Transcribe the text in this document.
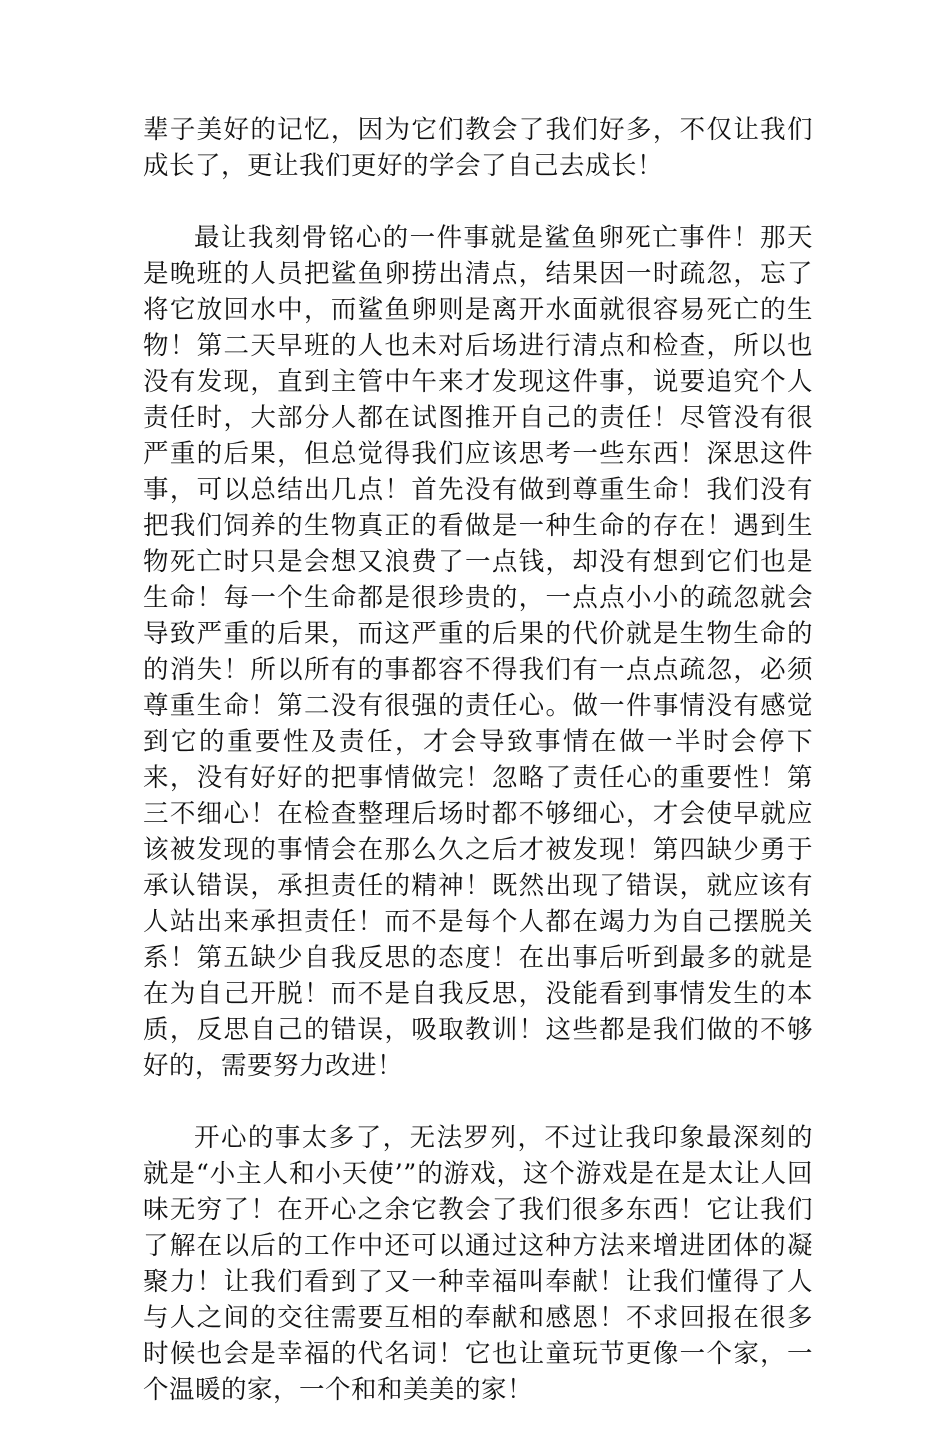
辈子美好的记忆，因为它们教会了我们好多，不仅让我们成长了，更让我们更好的学会了自己去成长！

最让我刻骨铭心的一件事就是鲨鱼卵死亡事件！那天是晚班的人员把鲨鱼卵捞出清点，结果因一时疏忽，忘了将它放回水中，而鲨鱼卵则是离开水面就很容易死亡的生物！第二天早班的人也未对后场进行清点和检查，所以也没有发现，直到主管中午来才发现这件事，说要追究个人责任时，大部分人都在试图推开自己的责任！尽管没有很严重的后果，但总觉得我们应该思考一些东西！深思这件事，可以总结出几点！首先没有做到尊重生命！我们没有把我们饲养的生物真正的看做是一种生命的存在！遇到生物死亡时只是会想又浪费了一点钱，却没有想到它们也是生命！每一个生命都是很珍贵的，一点点小小的疏忽就会导致严重的后果，而这严重的后果的代价就是生物生命的的消失！所以所有的事都容不得我们有一点点疏忽，必须尊重生命！第二没有很强的责任心。做一件事情没有感觉到它的重要性及责任，才会导致事情在做一半时会停下来，没有好好的把事情做完！忽略了责任心的重要性！第三不细心！在检查整理后场时都不够细心，才会使早就应该被发现的事情会在那么久之后才被发现！第四缺少勇于承认错误，承担责任的精神！既然出现了错误，就应该有人站出来承担责任！而不是每个人都在竭力为自己摆脱关系！第五缺少自我反思的态度！在出事后听到最多的就是在为自己开脱！而不是自我反思，没能看到事情发生的本质，反思自己的错误，吸取教训！这些都是我们做的不够好的，需要努力改进！

开心的事太多了，无法罗列，不过让我印象最深刻的就是“小主人和小天使’”的游戏，这个游戏是在是太让人回味无穷了！在开心之余它教会了我们很多东西！它让我们了解在以后的工作中还可以通过这种方法来增进团体的凝聚力！让我们看到了又一种幸福叫奉献！让我们懂得了人与人之间的交往需要互相的奉献和感恩！不求回报在很多时候也会是幸福的代名词！它也让童玩节更像一个家，一个温暖的家，一个和和美美的家！
